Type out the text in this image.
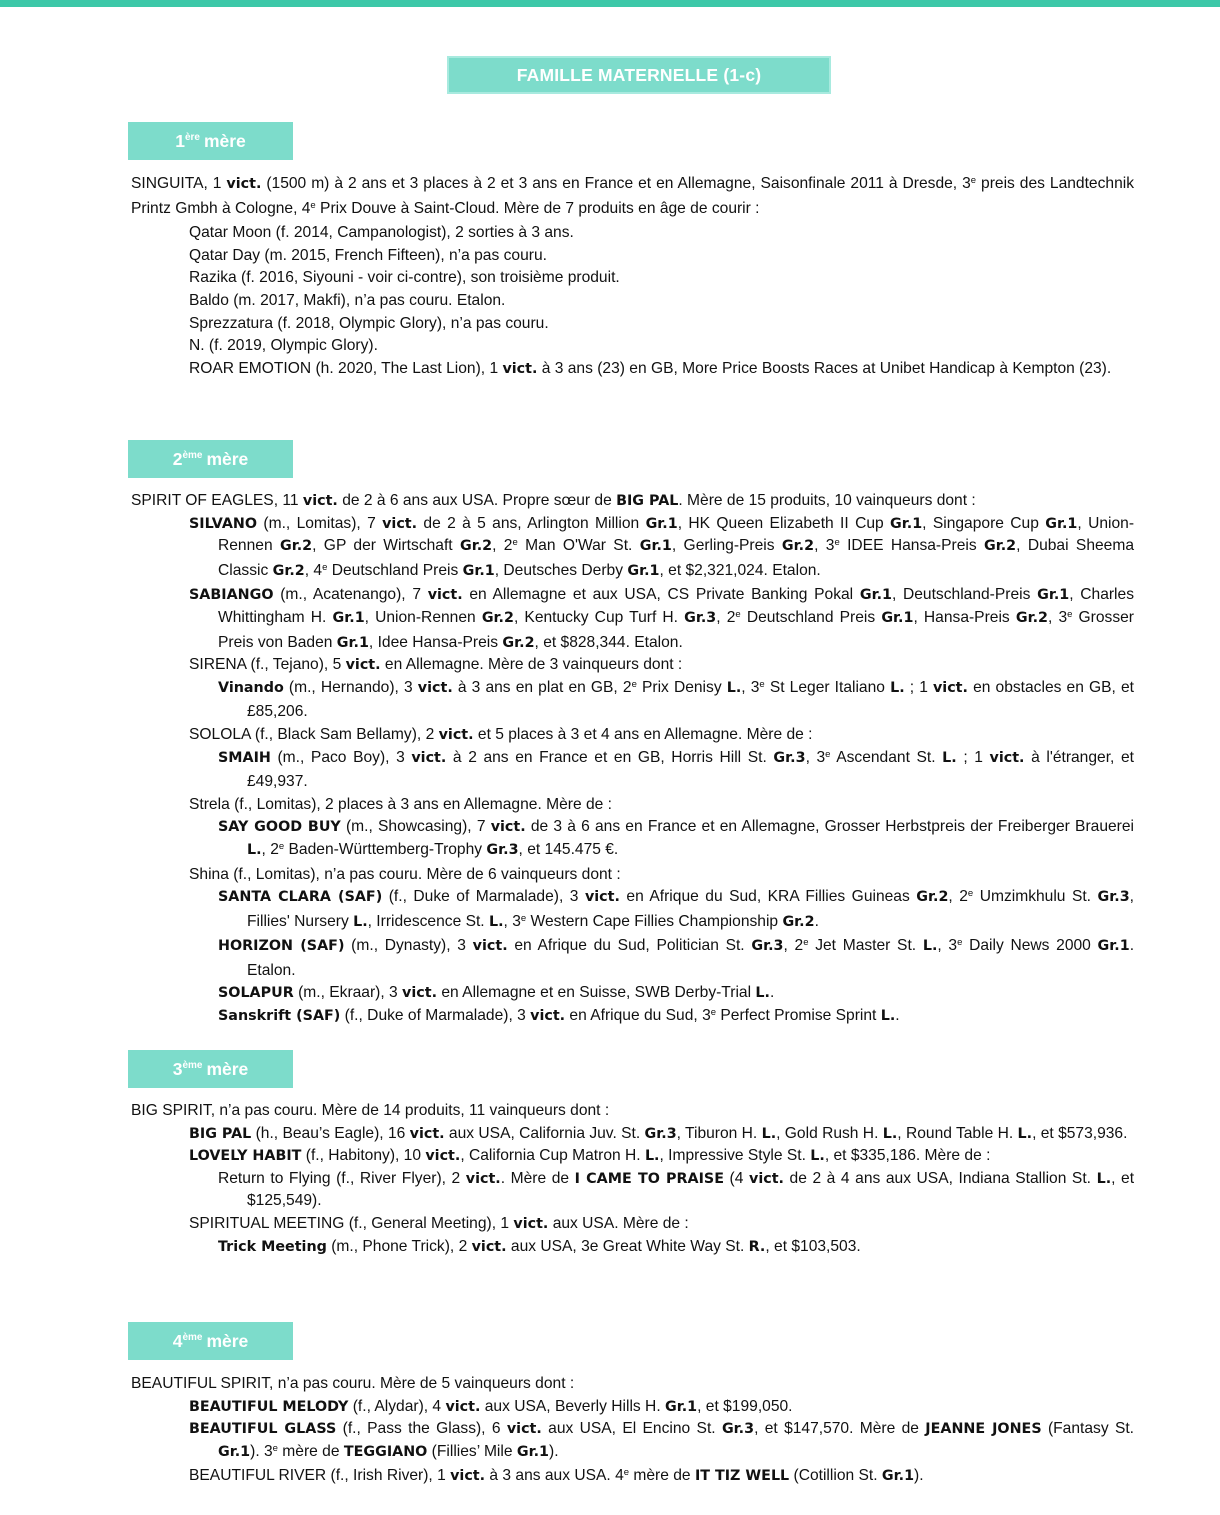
FAMILLE MATERNELLE (1-c)
1ère mère
2ème mère
3ème mère
4ème mère
SINGUITA, 1 vict. (1500 m) à 2 ans et 3 places à 2 et 3 ans en France et en Allemagne, Saisonfinale 2011 à Dresde, 3e preis des Landtechnik Printz Gmbh à Cologne, 4e Prix Douve à Saint-Cloud. Mère de 7 produits en âge de courir :
Qatar Moon (f. 2014, Campanologist), 2 sorties à 3 ans.
Qatar Day (m. 2015, French Fifteen), n’a pas couru.
Razika (f. 2016, Siyouni - voir ci-contre), son troisième produit.
Baldo (m. 2017, Makfi), n’a pas couru. Etalon.
Sprezzatura (f. 2018, Olympic Glory), n’a pas couru.
N. (f. 2019, Olympic Glory).
ROAR EMOTION (h. 2020, The Last Lion), 1 vict. à 3 ans (23) en GB, More Price Boosts Races at Unibet Handicap à Kempton (23).
SPIRIT OF EAGLES, 11 vict. de 2 à 6 ans aux USA. Propre sœur de BIG PAL. Mère de 15 produits, 10 vainqueurs dont :
SILVANO (m., Lomitas), 7 vict. de 2 à 5 ans, Arlington Million Gr.1, HK Queen Elizabeth II Cup Gr.1, Singapore Cup Gr.1, Union-Rennen Gr.2, GP der Wirtschaft Gr.2, 2e Man O'War St. Gr.1, Gerling-Preis Gr.2, 3e IDEE Hansa-Preis Gr.2, Dubai Sheema Classic Gr.2, 4e Deutschland Preis Gr.1, Deutsches Derby Gr.1, et $2,321,024. Etalon.
SABIANGO (m., Acatenango), 7 vict. en Allemagne et aux USA, CS Private Banking Pokal Gr.1, Deutschland-Preis Gr.1, Charles Whittingham H. Gr.1, Union-Rennen Gr.2, Kentucky Cup Turf H. Gr.3, 2e Deutschland Preis Gr.1, Hansa-Preis Gr.2, 3e Grosser Preis von Baden Gr.1, Idee Hansa-Preis Gr.2, et $828,344. Etalon.
SIRENA (f., Tejano), 5 vict. en Allemagne. Mère de 3 vainqueurs dont :
Vinando (m., Hernando), 3 vict. à 3 ans en plat en GB, 2e Prix Denisy L., 3e St Leger Italiano L. ; 1 vict. en obstacles en GB, et £85,206.
SOLOLA (f., Black Sam Bellamy), 2 vict. et 5 places à 3 et 4 ans en Allemagne. Mère de :
SMAIH (m., Paco Boy), 3 vict. à 2 ans en France et en GB, Horris Hill St. Gr.3, 3e Ascendant St. L. ; 1 vict. à l'étranger, et £49,937.
Strela (f., Lomitas), 2 places à 3 ans en Allemagne. Mère de :
SAY GOOD BUY (m., Showcasing), 7 vict. de 3 à 6 ans en France et en Allemagne, Grosser Herbstpreis der Freiberger Brauerei L., 2e Baden-Württemberg-Trophy Gr.3, et 145.475 €.
Shina (f., Lomitas), n’a pas couru. Mère de 6 vainqueurs dont :
SANTA CLARA (SAF) (f., Duke of Marmalade), 3 vict. en Afrique du Sud, KRA Fillies Guineas Gr.2, 2e Umzimkhulu St. Gr.3, Fillies' Nursery L., Irridescence St. L., 3e Western Cape Fillies Championship Gr.2.
HORIZON (SAF) (m., Dynasty), 3 vict. en Afrique du Sud, Politician St. Gr.3, 2e Jet Master St. L., 3e Daily News 2000 Gr.1. Etalon.
SOLAPUR (m., Ekraar), 3 vict. en Allemagne et en Suisse, SWB Derby-Trial L..
Sanskrift (SAF) (f., Duke of Marmalade), 3 vict. en Afrique du Sud, 3e Perfect Promise Sprint L..
BIG SPIRIT, n’a pas couru. Mère de 14 produits, 11 vainqueurs dont :
BIG PAL (h., Beau’s Eagle), 16 vict. aux USA, California Juv. St. Gr.3, Tiburon H. L., Gold Rush H. L., Round Table H. L., et $573,936.
LOVELY HABIT (f., Habitony), 10 vict., California Cup Matron H. L., Impressive Style St. L., et $335,186. Mère de :
Return to Flying (f., River Flyer), 2 vict.. Mère de I CAME TO PRAISE (4 vict. de 2 à 4 ans aux USA, Indiana Stallion St. L., et $125,549).
SPIRITUAL MEETING (f., General Meeting), 1 vict. aux USA. Mère de :
Trick Meeting (m., Phone Trick), 2 vict. aux USA, 3e Great White Way St. R., et $103,503.
BEAUTIFUL SPIRIT, n’a pas couru. Mère de 5 vainqueurs dont :
BEAUTIFUL MELODY (f., Alydar), 4 vict. aux USA, Beverly Hills H. Gr.1, et $199,050.
BEAUTIFUL GLASS (f., Pass the Glass), 6 vict. aux USA, El Encino St. Gr.3, et $147,570. Mère de JEANNE JONES (Fantasy St. Gr.1). 3e mère de TEGGIANO (Fillies’ Mile Gr.1).
BEAUTIFUL RIVER (f., Irish River), 1 vict. à 3 ans aux USA. 4e mère de IT TIZ WELL (Cotillion St. Gr.1).
